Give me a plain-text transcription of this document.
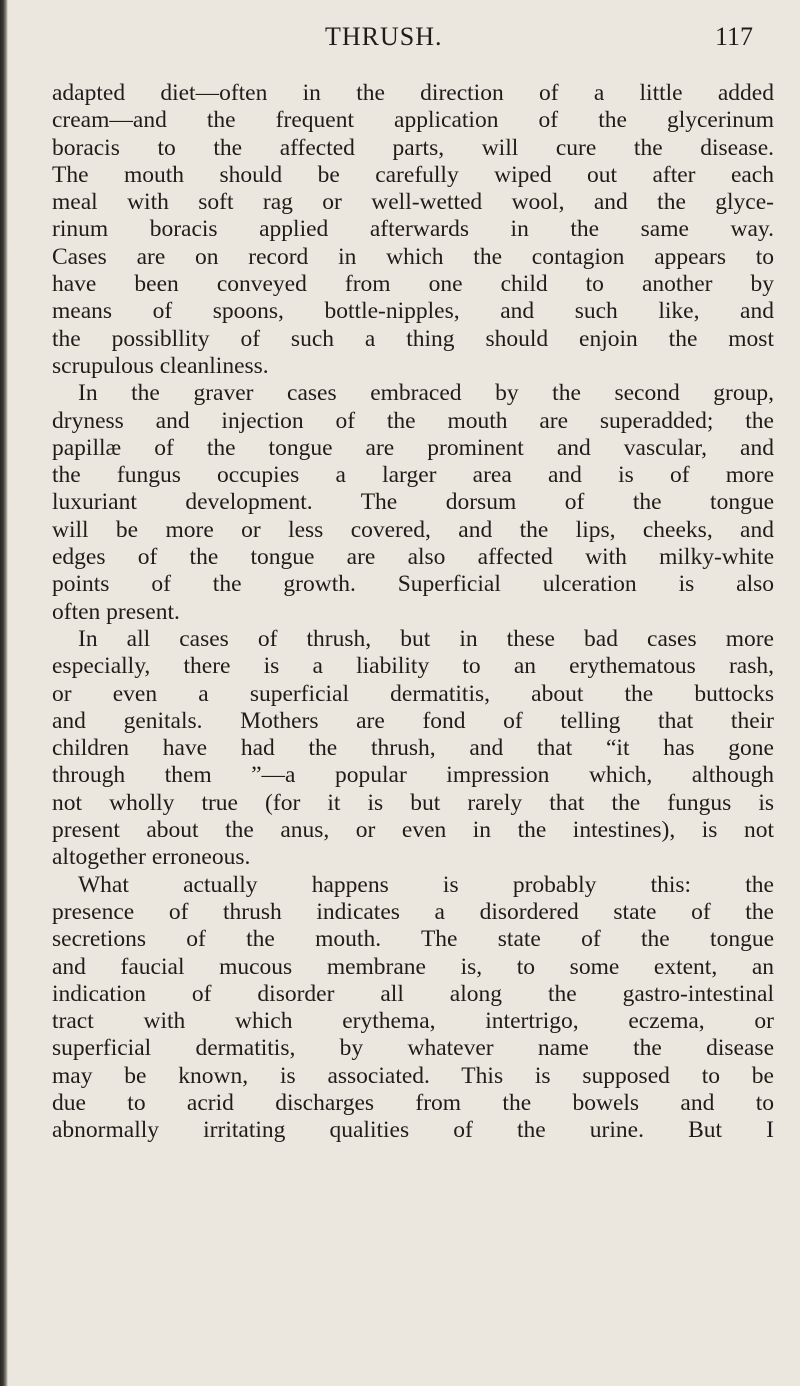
THRUSH.	117
adapted diet—often in the direction of a little added
cream—and the frequent application of the glycerinum
boracis to the affected parts, will cure the disease.
The mouth should be carefully wiped out after each
meal with soft rag or well-wetted wool, and the glyce-
rinum boracis applied afterwards in the same way.
Cases are on record in which the contagion appears to
have been conveyed from one child to another by
means of spoons, bottle-nipples, and such like, and
the possibllity of such a thing should enjoin the most
scrupulous cleanliness.
In the graver cases embraced by the second group,
dryness and injection of the mouth are superadded; the
papillæ of the tongue are prominent and vascular, and
the fungus occupies a larger area and is of more
luxuriant development. The dorsum of the tongue
will be more or less covered, and the lips, cheeks, and
edges of the tongue are also affected with milky-white
points of the growth. Superficial ulceration is also
often present.
In all cases of thrush, but in these bad cases more
especially, there is a liability to an erythematous rash,
or even a superficial dermatitis, about the buttocks
and genitals. Mothers are fond of telling that their
children have had the thrush, and that “it has gone
through them ”—a popular impression which, although
not wholly true (for it is but rarely that the fungus is
present about the anus, or even in the intestines), is not
altogether erroneous.
What actually happens is probably this: the
presence of thrush indicates a disordered state of the
secretions of the mouth. The state of the tongue
and faucial mucous membrane is, to some extent, an
indication of disorder all along the gastro-intestinal
tract with which erythema, intertrigo, eczema, or
superficial dermatitis, by whatever name the disease
may be known, is associated. This is supposed to be
due to acrid discharges from the bowels and to
abnormally irritating qualities of the urine. But I
